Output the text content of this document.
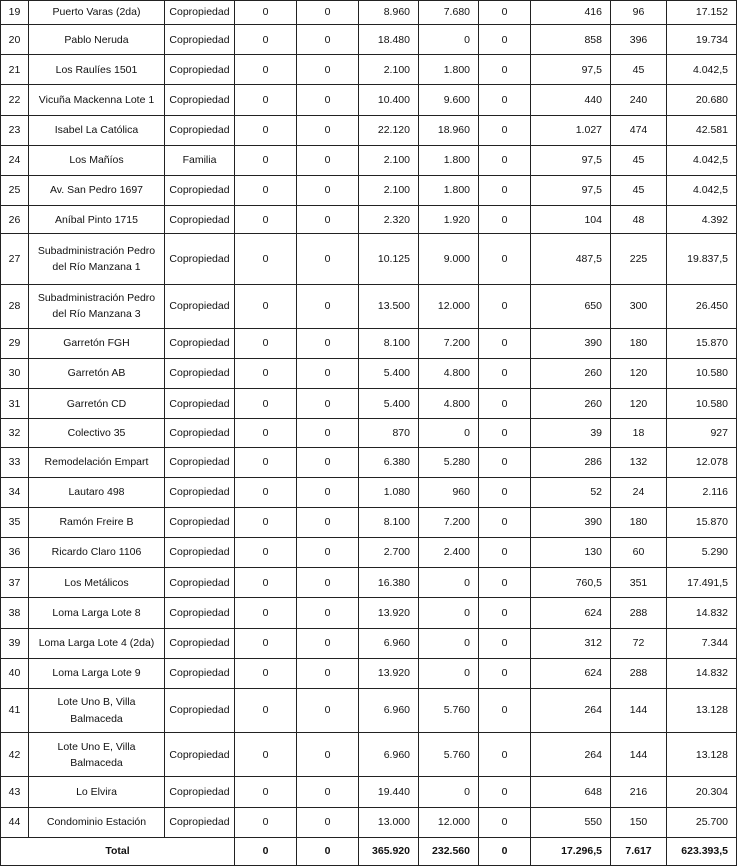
19	Puerto Varas (2da)	Copropiedad	0	0	8.960	7.680	0	416	96	17.152
20	Pablo Neruda	Copropiedad	0	0	18.480	0	0	858	396	19.734
21	Los Raulíes 1501	Copropiedad	0	0	2.100	1.800	0	97,5	45	4.042,5
22	Vicuña Mackenna Lote 1	Copropiedad	0	0	10.400	9.600	0	440	240	20.680
23	Isabel La Católica	Copropiedad	0	0	22.120	18.960	0	1.027	474	42.581
24	Los Mañíos	Familia	0	0	2.100	1.800	0	97,5	45	4.042,5
25	Av. San Pedro 1697	Copropiedad	0	0	2.100	1.800	0	97,5	45	4.042,5
26	Aníbal Pinto 1715	Copropiedad	0	0	2.320	1.920	0	104	48	4.392
27	Subadministración Pedro del Río Manzana 1	Copropiedad	0	0	10.125	9.000	0	487,5	225	19.837,5
28	Subadministración Pedro del Río Manzana 3	Copropiedad	0	0	13.500	12.000	0	650	300	26.450
29	Garretón FGH	Copropiedad	0	0	8.100	7.200	0	390	180	15.870
30	Garretón AB	Copropiedad	0	0	5.400	4.800	0	260	120	10.580
31	Garretón CD	Copropiedad	0	0	5.400	4.800	0	260	120	10.580
32	Colectivo 35	Copropiedad	0	0	870	0	0	39	18	927
33	Remodelación Empart	Copropiedad	0	0	6.380	5.280	0	286	132	12.078
34	Lautaro 498	Copropiedad	0	0	1.080	960	0	52	24	2.116
35	Ramón Freire B	Copropiedad	0	0	8.100	7.200	0	390	180	15.870
36	Ricardo Claro 1106	Copropiedad	0	0	2.700	2.400	0	130	60	5.290
37	Los Metálicos	Copropiedad	0	0	16.380	0	0	760,5	351	17.491,5
38	Loma Larga Lote 8	Copropiedad	0	0	13.920	0	0	624	288	14.832
39	Loma Larga Lote 4 (2da)	Copropiedad	0	0	6.960	0	0	312	72	7.344
40	Loma Larga Lote 9	Copropiedad	0	0	13.920	0	0	624	288	14.832
41	Lote Uno B, Villa Balmaceda	Copropiedad	0	0	6.960	5.760	0	264	144	13.128
42	Lote Uno E, Villa Balmaceda	Copropiedad	0	0	6.960	5.760	0	264	144	13.128
43	Lo Elvira	Copropiedad	0	0	19.440	0	0	648	216	20.304
44	Condominio Estación	Copropiedad	0	0	13.000	12.000	0	550	150	25.700
Total			0	0	365.920	232.560	0	17.296,5	7.617	623.393,5
